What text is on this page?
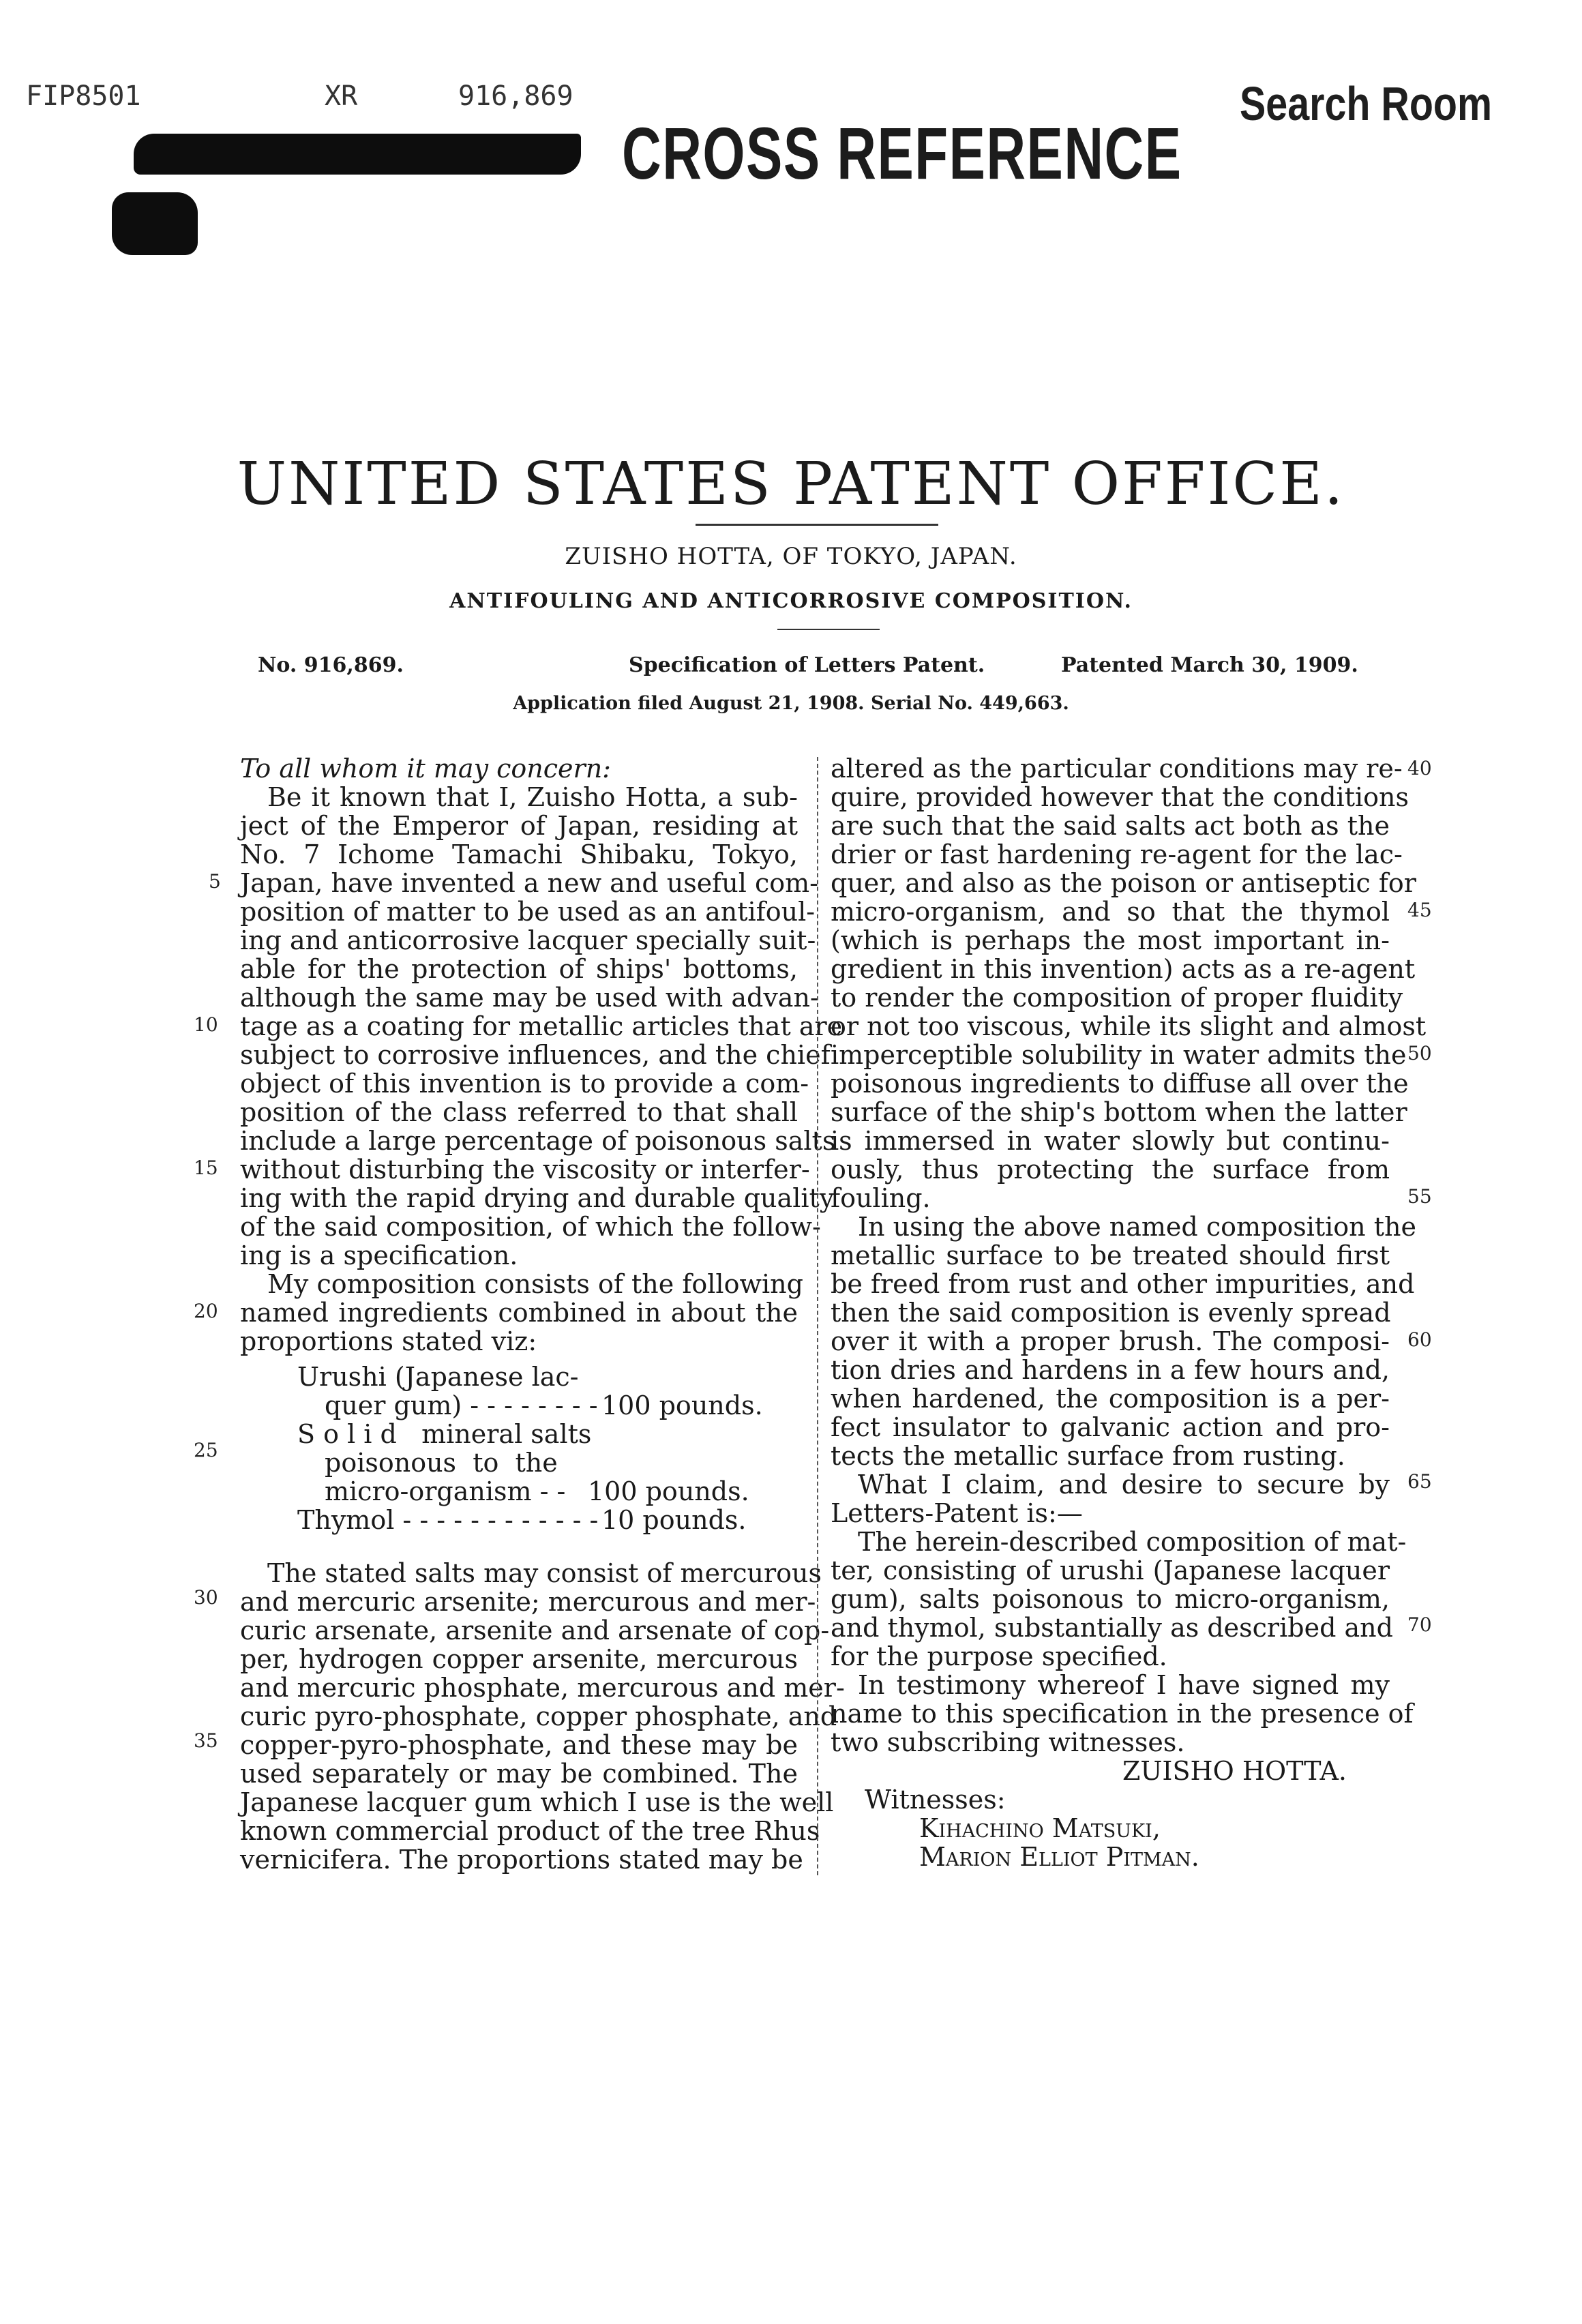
FIP8501	XR	916,869	Search Room
CROSS REFERENCE
UNITED STATES PATENT OFFICE.
ZUISHO HOTTA, OF TOKYO, JAPAN.
ANTIFOULING AND ANTICORROSIVE COMPOSITION.
No. 916,869.	Specification of Letters Patent.	Patented March 30, 1909.
Application filed August 21, 1908. Serial No. 449,663.

To all whom it may concern:

Be it known that I, Zuisho Hotta, a sub-
ject of the Emperor of Japan, residing at
No. 7 Ichome Tamachi Shibaku, Tokyo,
Japan, have invented a new and useful com-
position of matter to be used as an antifoul-
ing and anticorrosive lacquer specially suit-
able for the protection of ships' bottoms,
although the same may be used with advan-
tage as a coating for metallic articles that are
subject to corrosive influences, and the chief
object of this invention is to provide a com-
position of the class referred to that shall
include a large percentage of poisonous salts
without disturbing the viscosity or interfer-
ing with the rapid drying and durable quality
of the said composition, of which the follow-
ing is a specification.
My composition consists of the following
named ingredients combined in about the
proportions stated viz:
Urushi (Japanese lac-
quer gum) - - - - - - - - 100 pounds.
S o l i d   mineral salts
poisonous  to  the
micro-organism - - 100 pounds.
Thymol - - - - - - - - - - - - 10 pounds.
The stated salts may consist of mercurous
and mercuric arsenite; mercurous and mer-
curic arsenate, arsenite and arsenate of cop-
per, hydrogen copper arsenite, mercurous
and mercuric phosphate, mercurous and mer-
curic pyro-phosphate, copper phosphate, and
copper-pyro-phosphate, and these may be
used separately or may be combined. The
Japanese lacquer gum which I use is the well
known commercial product of the tree Rhus
vernicifera. The proportions stated may be
altered as the particular conditions may re-
quire, provided however that the conditions
are such that the said salts act both as the
drier or fast hardening re-agent for the lac-
quer, and also as the poison or antiseptic for
micro-organism, and so that the thymol
(which is perhaps the most important in-
gredient in this invention) acts as a re-agent
to render the composition of proper fluidity
or not too viscous, while its slight and almost
imperceptible solubility in water admits the
poisonous ingredients to diffuse all over the
surface of the ship's bottom when the latter
is immersed in water slowly but continu-
ously, thus protecting the surface from
fouling.
In using the above named composition the
metallic surface to be treated should first
be freed from rust and other impurities, and
then the said composition is evenly spread
over it with a proper brush. The composi-
tion dries and hardens in a few hours and,
when hardened, the composition is a per-
fect insulator to galvanic action and pro-
tects the metallic surface from rusting.
What I claim, and desire to secure by
Letters-Patent is:—
The herein-described composition of mat-
ter, consisting of urushi (Japanese lacquer
gum), salts poisonous to micro-organism,
and thymol, substantially as described and
for the purpose specified.
In testimony whereof I have signed my
name to this specification in the presence of
two subscribing witnesses.
ZUISHO HOTTA.
Witnesses:
Kihachino Matsuki,
Marion Elliot Pitman.
5
10
15
20
25
30
35
40
45
50
55
60
65
70
